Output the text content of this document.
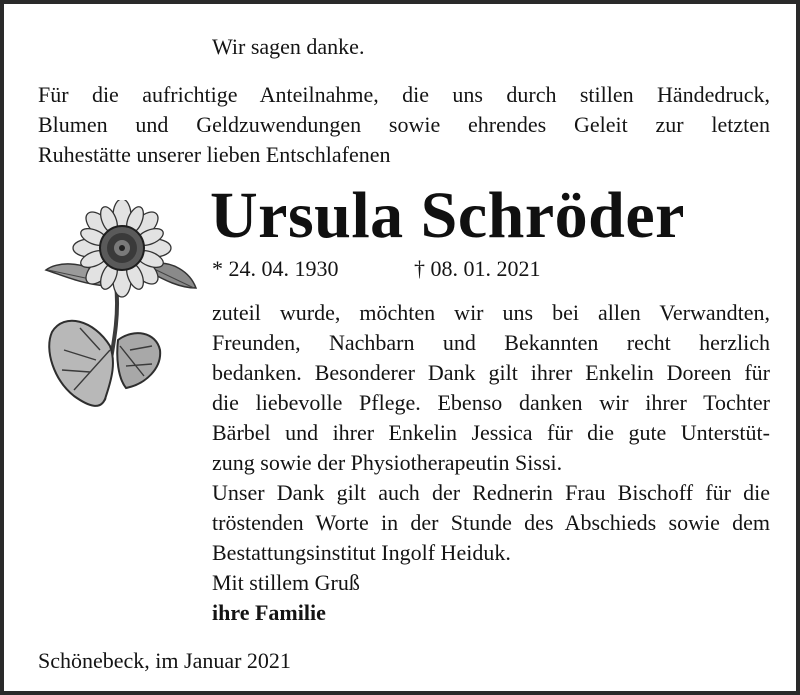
Wir sagen danke.
Für die aufrichtige Anteilnahme, die uns durch stillen Händedruck,
Blumen und Geldzuwendungen sowie ehrendes Geleit zur letzten
Ruhestätte unserer lieben Entschlafenen
Ursula Schröder
* 24. 04. 1930	† 08. 01. 2021
zuteil wurde, möchten wir uns bei allen Verwandten,
Freunden, Nachbarn und Bekannten recht herzlich
bedanken. Besonderer Dank gilt ihrer Enkelin Doreen für
die liebevolle Pflege. Ebenso danken wir ihrer Tochter
Bärbel und ihrer Enkelin Jessica für die gute Unterstüt-
zung sowie der Physiotherapeutin Sissi.
Unser Dank gilt auch der Rednerin Frau Bischoff für die
tröstenden Worte in der Stunde des Abschieds sowie dem
Bestattungsinstitut Ingolf Heiduk.
Mit stillem Gruß
ihre Familie
Schönebeck, im Januar 2021
